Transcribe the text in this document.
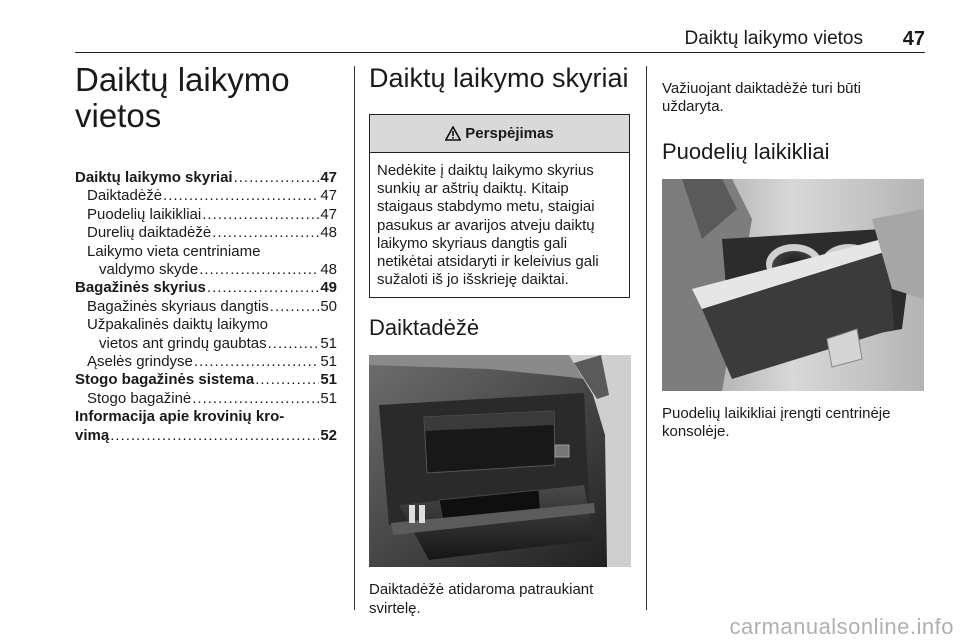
Daiktų laikymo vietos 47
Daiktų laikymo
vietos
Daiktų laikymo skyriai .....	47
Daiktadėžė .....	47
Puodelių laikikliai .....	47
Durelių daiktadėžė .....	48
Laikymo vieta centriniame
valdymo skyde .....	48
Bagažinės skyrius .....	49
Bagažinės skyriaus dangtis .....	50
Užpakalinės daiktų laikymo
vietos ant grindų gaubtas .....	51
Ąselės grindyse .....	51
Stogo bagažinės sistema .....	51
Stogo bagažinė .....	51
Informacija apie krovinių kro-
vimą .....	52
Daiktų laikymo skyriai
Perspėjimas
Nedėkite į daiktų laikymo skyrius sunkių ar aštrių daiktų. Kitaip staigaus stabdymo metu, staigiai pasukus ar avarijos atveju daiktų laikymo skyriaus dangtis gali netikėtai atsidaryti ir keleivius gali sužaloti iš jo išskrieję daiktai.
Daiktadėžė
Daiktadėžė atidaroma patraukiant svirtelę.
Važiuojant daiktadėžė turi būti uždaryta.
Puodelių laikikliai
Puodelių laikikliai įrengti centrinėje konsolėje.
carmanualsonline.info
